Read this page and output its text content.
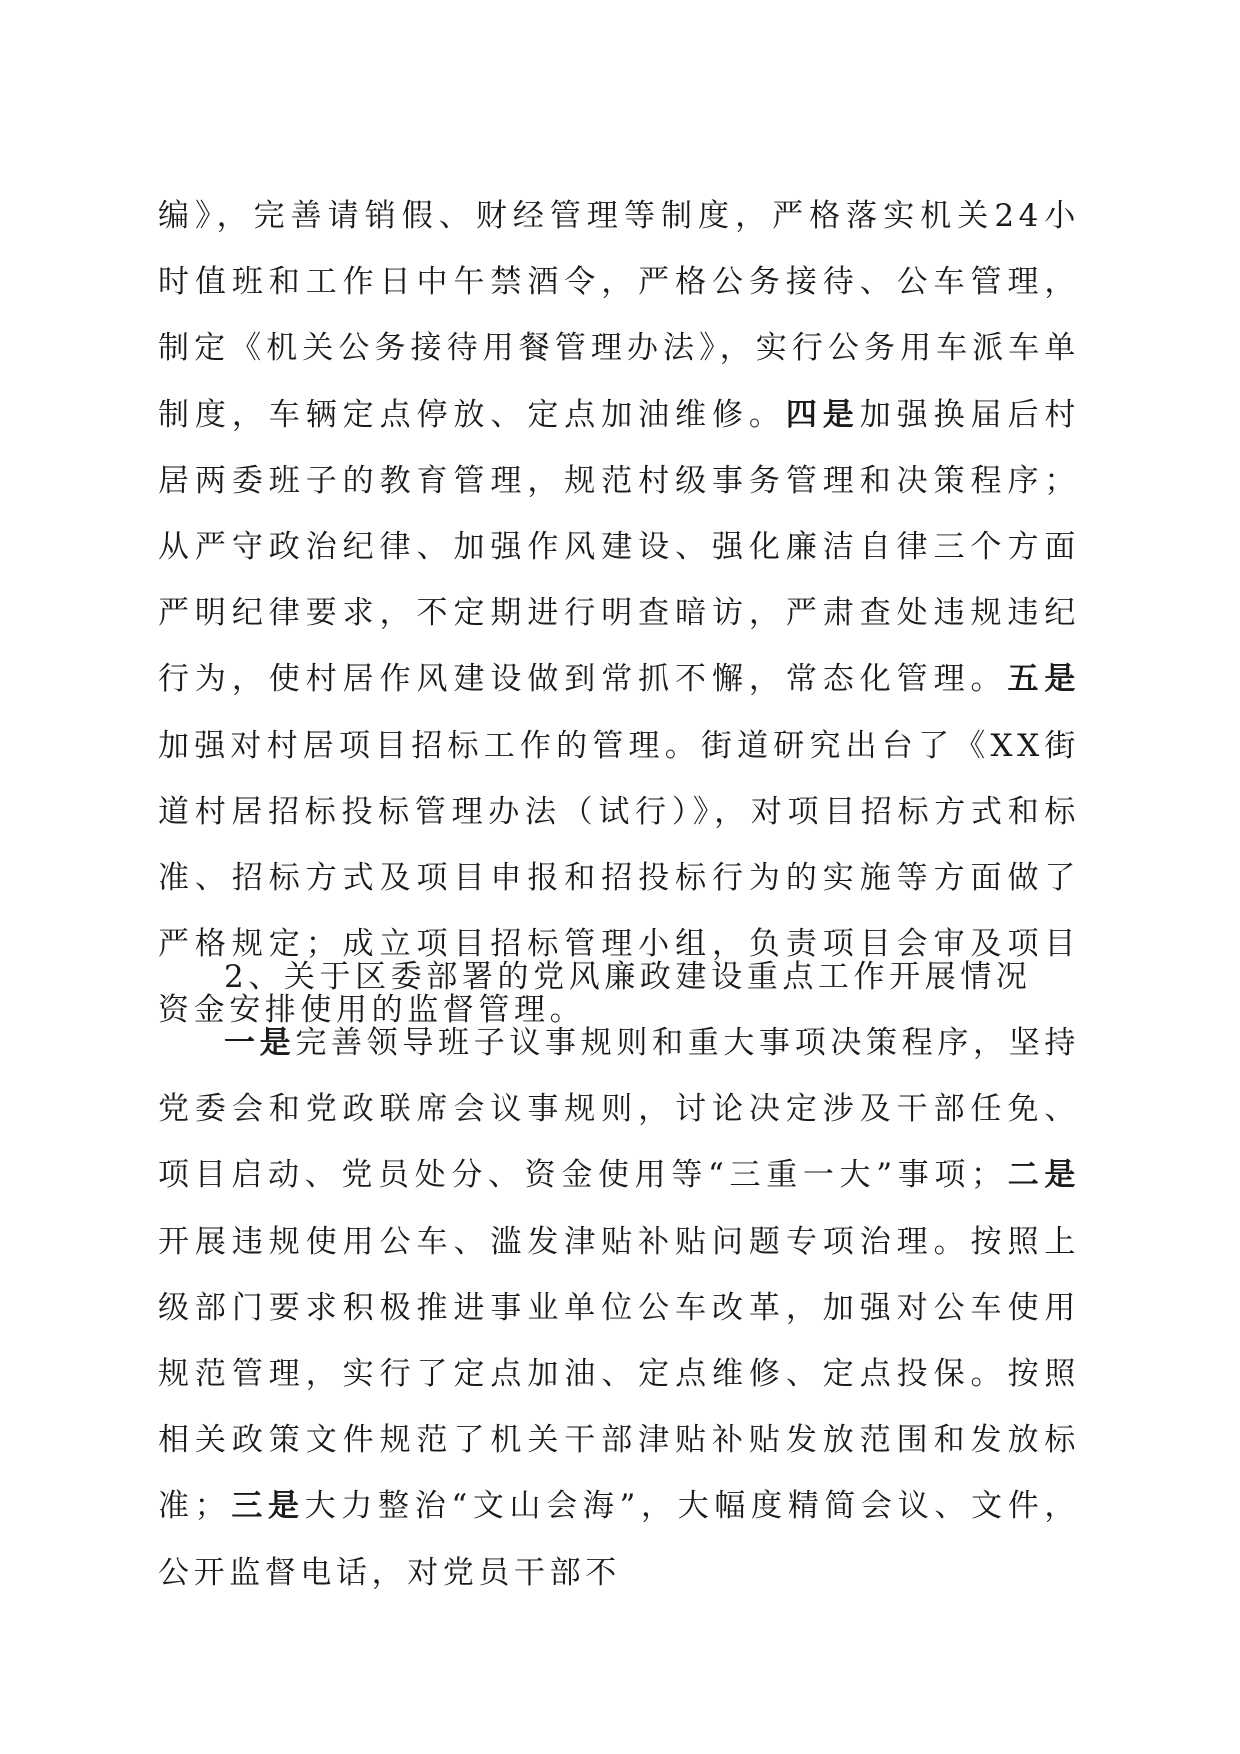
编》，完善请销假、财经管理等制度，严格落实机关24小时值班和工作日中午禁酒令，严格公务接待、公车管理，制定《机关公务接待用餐管理办法》，实行公务用车派车单制度，车辆定点停放、定点加油维修。四是加强换届后村居两委班子的教育管理，规范村级事务管理和决策程序；从严守政治纪律、加强作风建设、强化廉洁自律三个方面严明纪律要求，不定期进行明查暗访，严肃查处违规违纪行为，使村居作风建设做到常抓不懈，常态化管理。五是加强对村居项目招标工作的管理。街道研究出台了《XX街道村居招标投标管理办法（试行）》，对项目招标方式和标准、招标方式及项目申报和招投标行为的实施等方面做了严格规定；成立项目招标管理小组，负责项目会审及项目资金安排使用的监督管理。

2、关于区委部署的党风廉政建设重点工作开展情况

一是完善领导班子议事规则和重大事项决策程序，坚持党委会和党政联席会议事规则，讨论决定涉及干部任免、项目启动、党员处分、资金使用等“三重一大”事项；二是开展违规使用公车、滥发津贴补贴问题专项治理。按照上级部门要求积极推进事业单位公车改革，加强对公车使用规范管理，实行了定点加油、定点维修、定点投保。按照相关政策文件规范了机关干部津贴补贴发放范围和发放标准；三是大力整治“文山会海”，大幅度精简会议、文件，公开监督电话，对党员干部不
